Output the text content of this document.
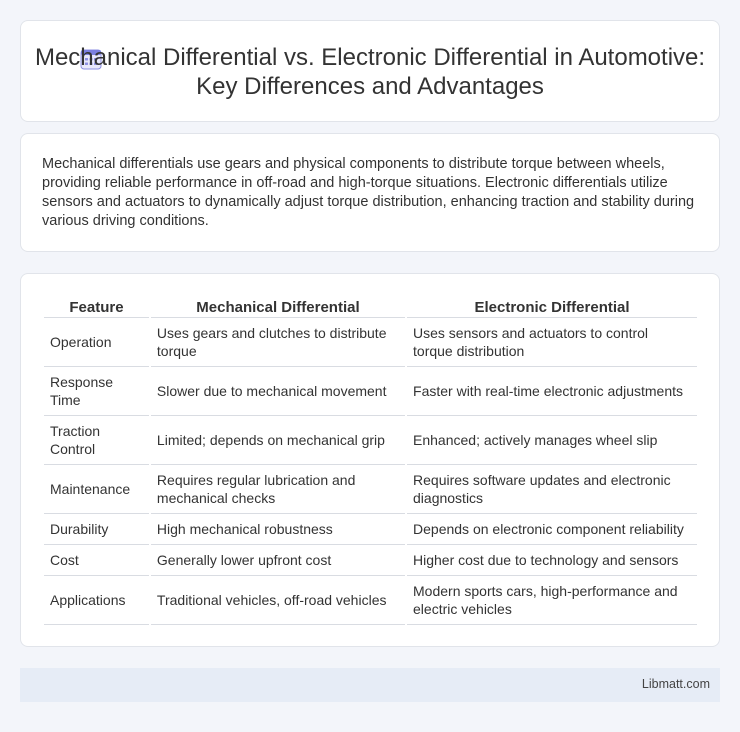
Mechanical Differential vs. Electronic Differential in Automotive: Key Differences and Advantages

Mechanical differentials use gears and physical components to distribute torque between wheels, providing reliable performance in off-road and high-torque situations. Electronic differentials utilize sensors and actuators to dynamically adjust torque distribution, enhancing traction and stability during various driving conditions.

Feature	Mechanical Differential	Electronic Differential
Operation	Uses gears and clutches to distribute torque	Uses sensors and actuators to control torque distribution
Response Time	Slower due to mechanical movement	Faster with real-time electronic adjustments
Traction Control	Limited; depends on mechanical grip	Enhanced; actively manages wheel slip
Maintenance	Requires regular lubrication and mechanical checks	Requires software updates and electronic diagnostics
Durability	High mechanical robustness	Depends on electronic component reliability
Cost	Generally lower upfront cost	Higher cost due to technology and sensors
Applications	Traditional vehicles, off-road vehicles	Modern sports cars, high-performance and electric vehicles
Libmatt.com
